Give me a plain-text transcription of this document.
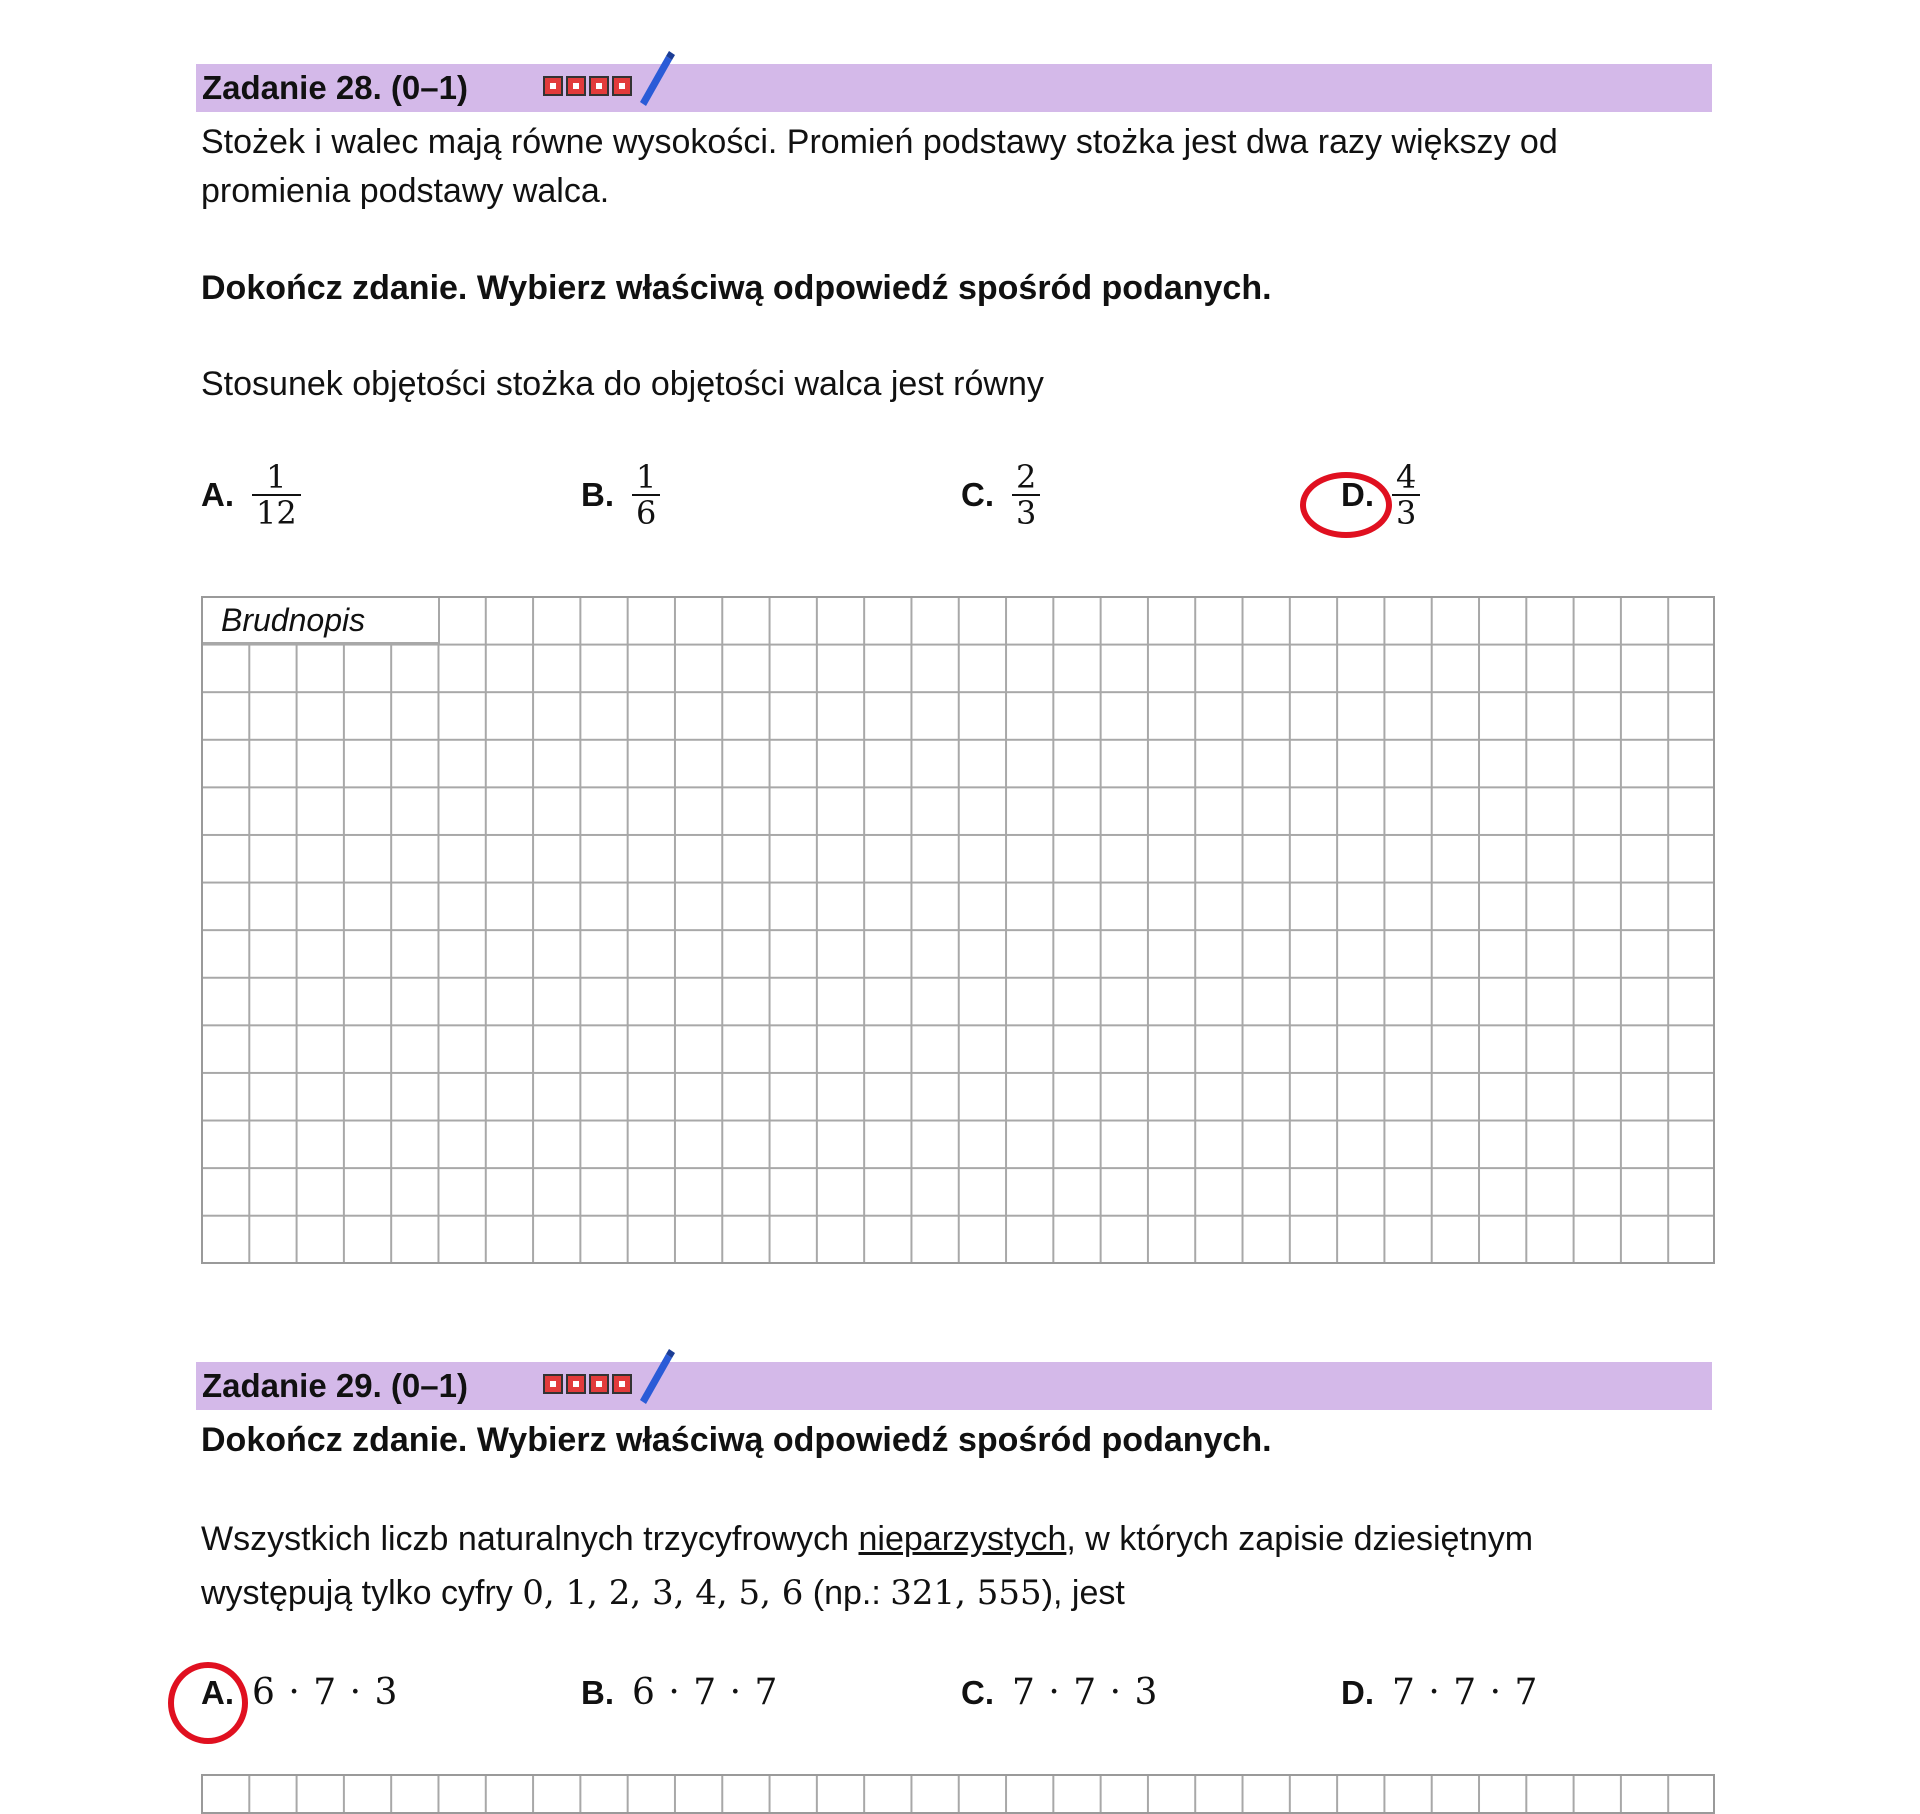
Zadanie 28. (0–1)
Stożek i walec mają równe wysokości. Promień podstawy stożka jest dwa razy większy od promienia podstawy walca.
Dokończ zdanie. Wybierz właściwą odpowiedź spośród podanych.
Stosunek objętości stożka do objętości walca jest równy
A. $\frac{1}{12}$	B. $\frac{1}{6}$	C. $\frac{2}{3}$	D. $\frac{4}{3}$
Brudnopis
Zadanie 29. (0–1)
Dokończ zdanie. Wybierz właściwą odpowiedź spośród podanych.
Wszystkich liczb naturalnych trzycyfrowych nieparzystych, w których zapisie dziesiętnym
występują tylko cyfry 0, 1, 2, 3, 4, 5, 6 (np.: 321, 555), jest
A. 6 · 7 · 3	B. 6 · 7 · 7	C. 7 · 7 · 3	D. 7 · 7 · 7
